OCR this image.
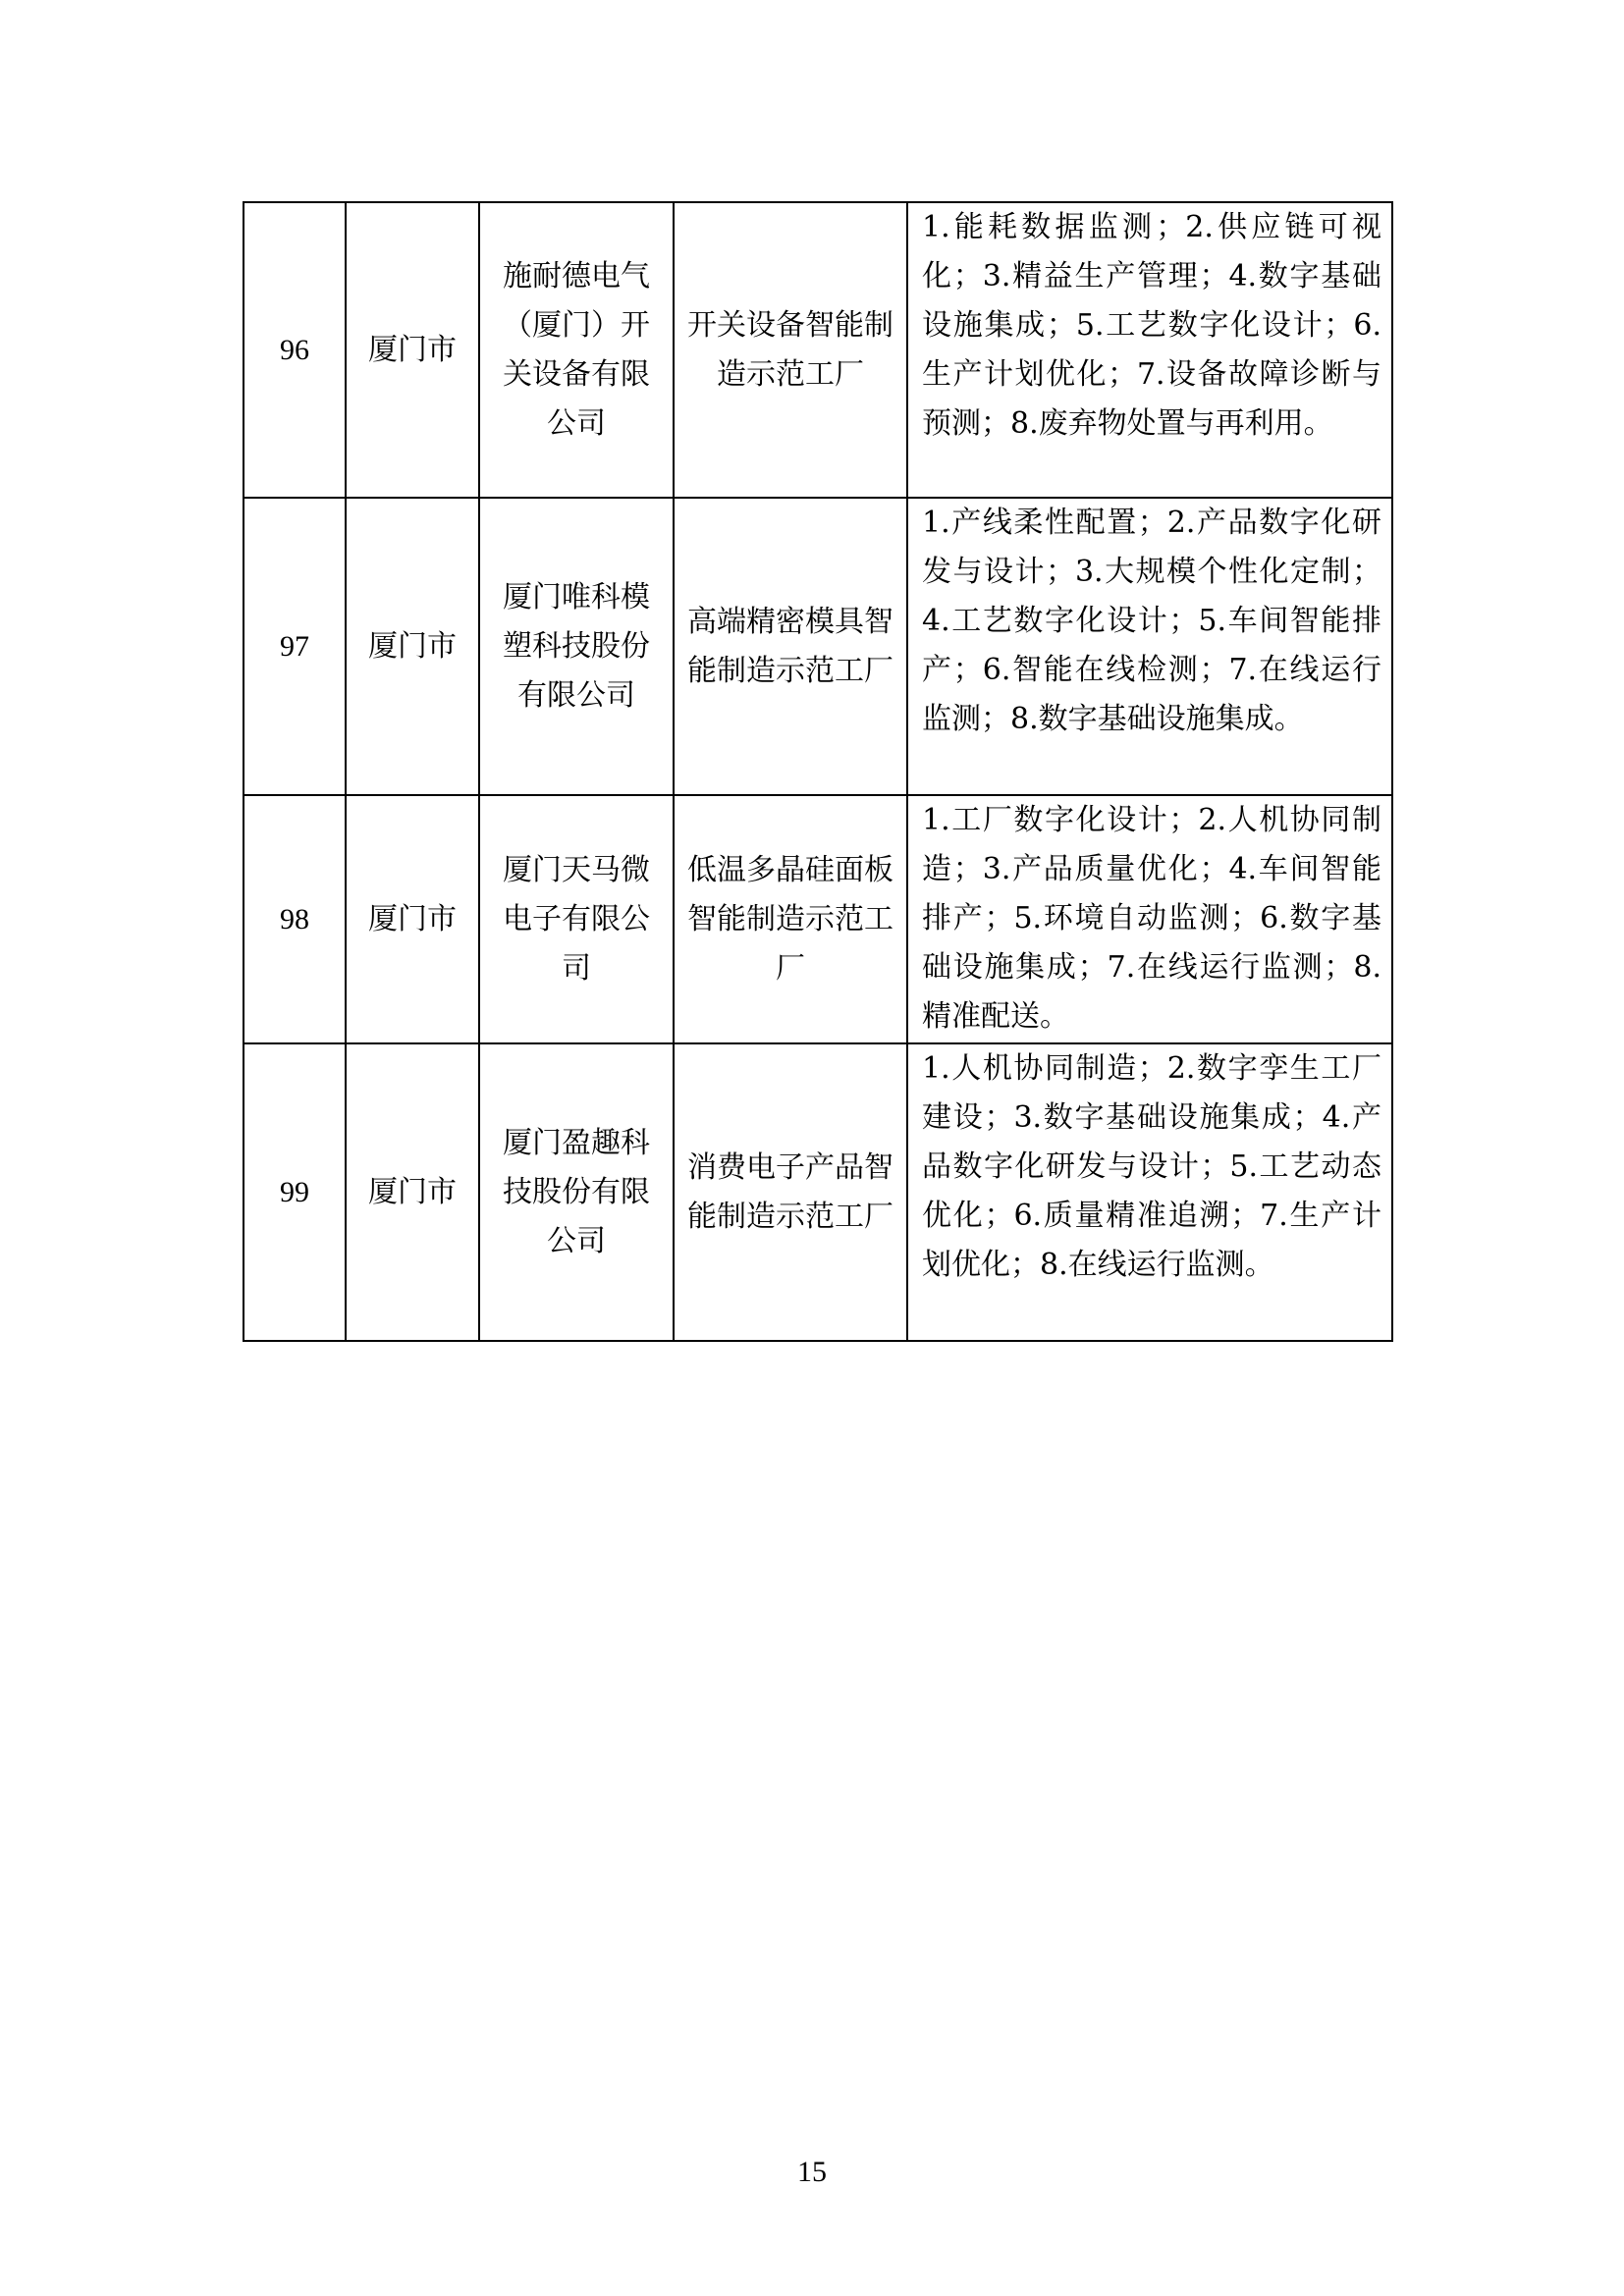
96	厦门市	施耐德电气（厦门）开关设备有限公司	开关设备智能制造示范工厂	1.能耗数据监测；2.供应链可视化；3.精益生产管理；4.数字基础设施集成；5.工艺数字化设计；6.生产计划优化；7.设备故障诊断与预测；8.废弃物处置与再利用。

97	厦门市	厦门唯科模塑科技股份有限公司	高端精密模具智能制造示范工厂	1.产线柔性配置；2.产品数字化研发与设计；3.大规模个性化定制；4.工艺数字化设计；5.车间智能排产；6.智能在线检测；7.在线运行监测；8.数字基础设施集成。

98	厦门市	厦门天马微电子有限公司	低温多晶硅面板智能制造示范工厂	1.工厂数字化设计；2.人机协同制造；3.产品质量优化；4.车间智能排产；5.环境自动监测；6.数字基础设施集成；7.在线运行监测；8.精准配送。

99	厦门市	厦门盈趣科技股份有限公司	消费电子产品智能制造示范工厂	1.人机协同制造；2.数字孪生工厂建设；3.数字基础设施集成；4.产品数字化研发与设计；5.工艺动态优化；6.质量精准追溯；7.生产计划优化；8.在线运行监测。
15
